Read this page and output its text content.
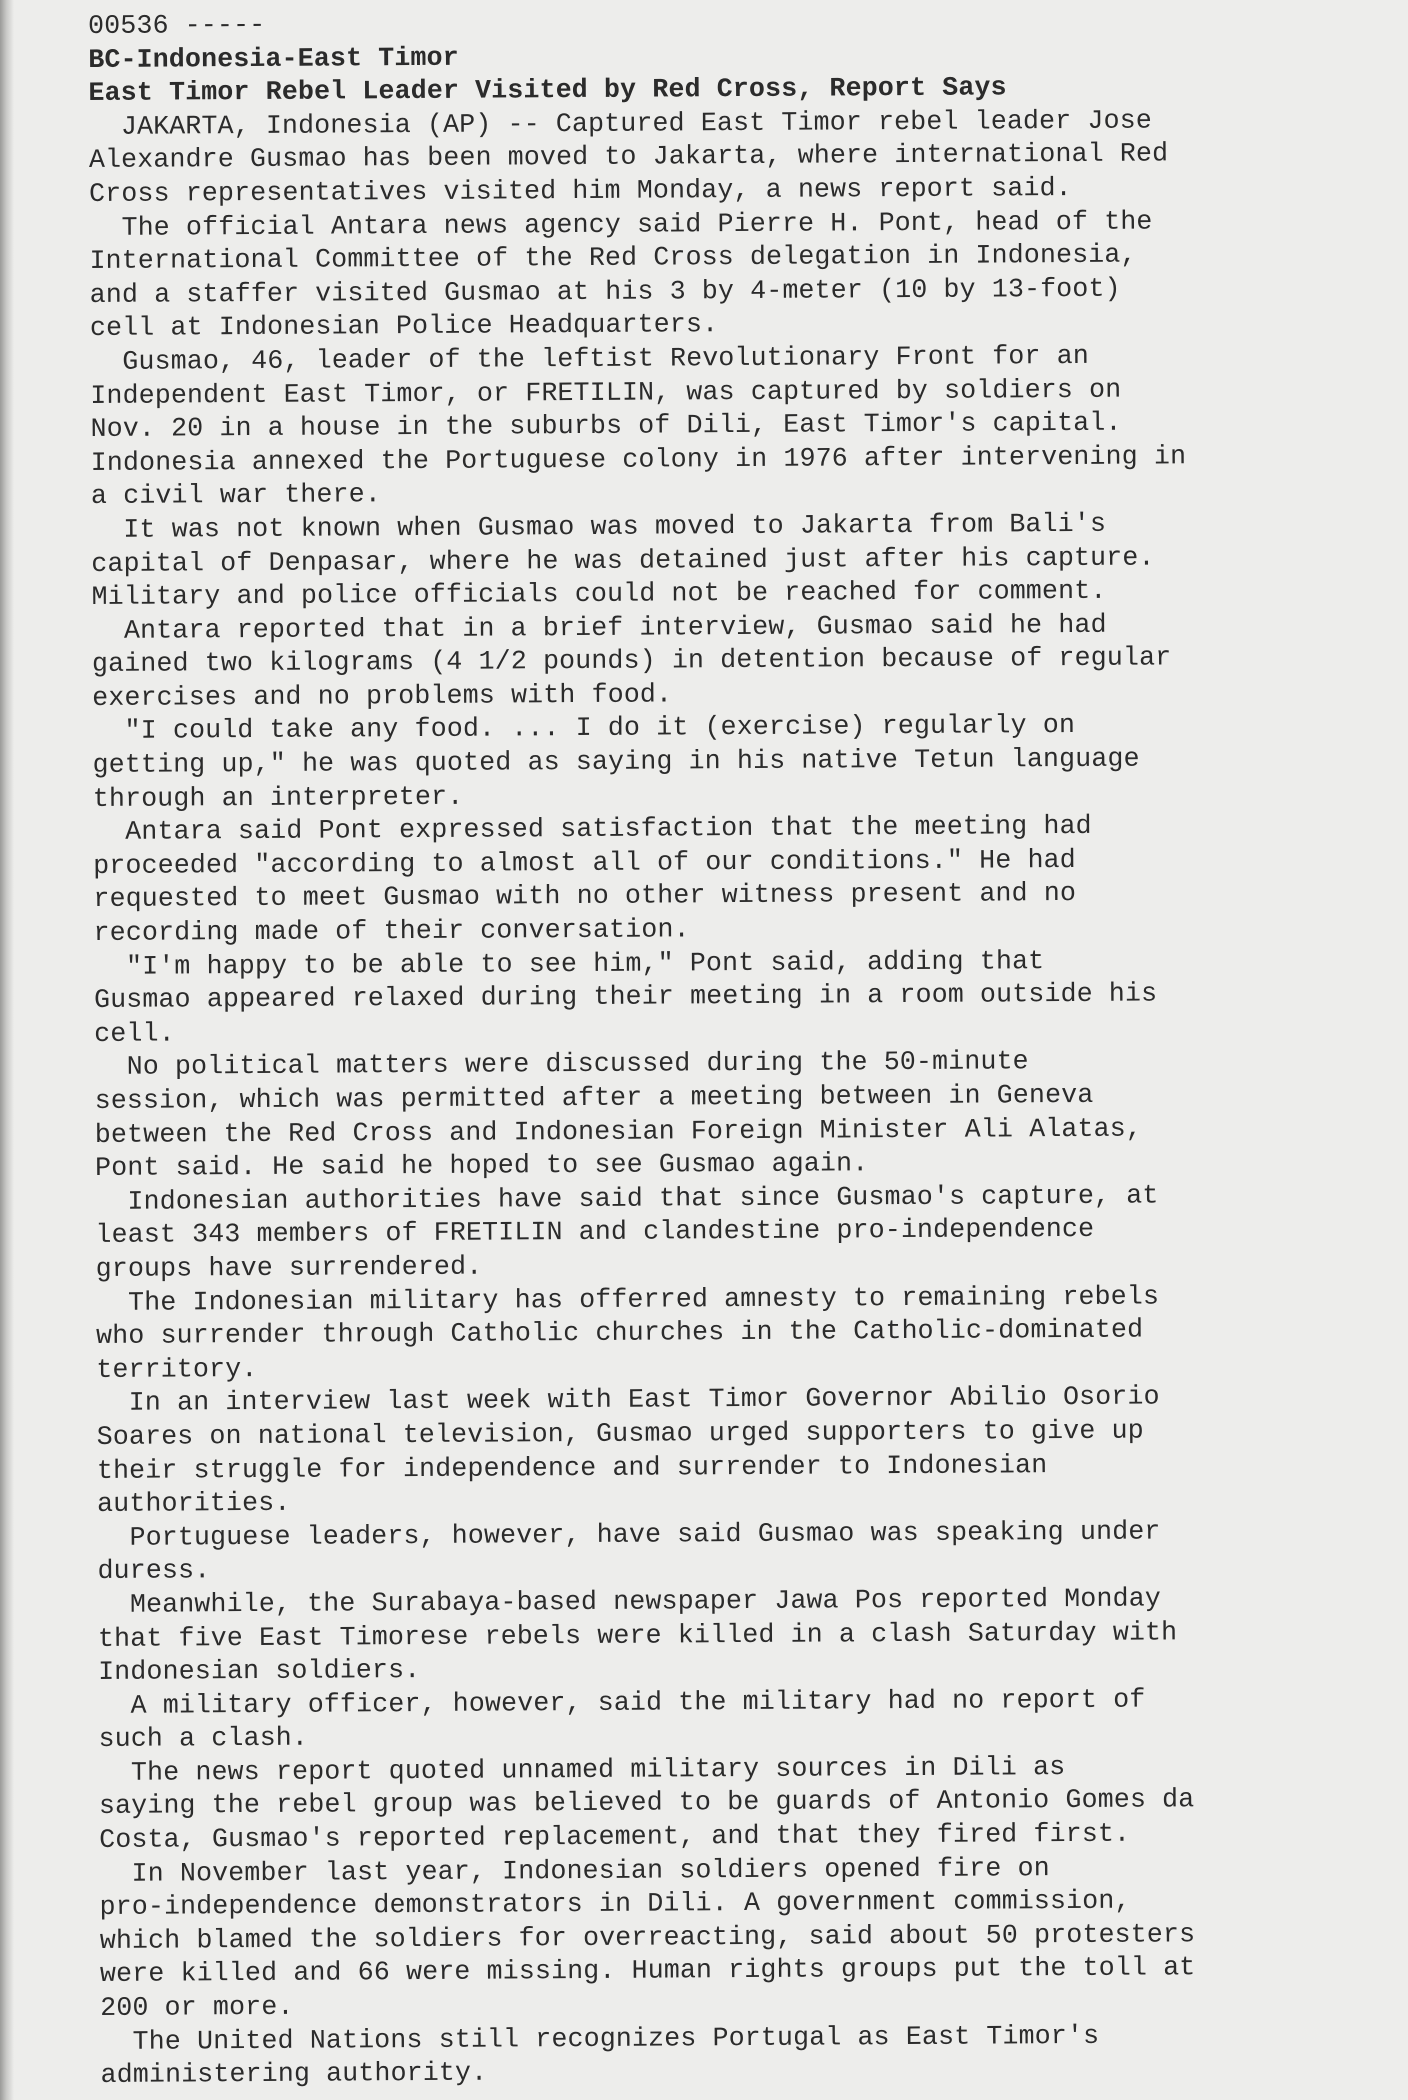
00536 -----

BC-Indonesia-East Timor

East Timor Rebel Leader Visited by Red Cross, Report Says

JAKARTA, Indonesia (AP) -- Captured East Timor rebel leader Jose

Alexandre Gusmao has been moved to Jakarta, where international Red

Cross representatives visited him Monday, a news report said.

The official Antara news agency said Pierre H. Pont, head of the

International Committee of the Red Cross delegation in Indonesia,

and a staffer visited Gusmao at his 3 by 4-meter (10 by 13-foot)

cell at Indonesian Police Headquarters.

Gusmao, 46, leader of the leftist Revolutionary Front for an

Independent East Timor, or FRETILIN, was captured by soldiers on

Nov. 20 in a house in the suburbs of Dili, East Timor's capital.

Indonesia annexed the Portuguese colony in 1976 after intervening in

a civil war there.

It was not known when Gusmao was moved to Jakarta from Bali's

capital of Denpasar, where he was detained just after his capture.

Military and police officials could not be reached for comment.

Antara reported that in a brief interview, Gusmao said he had

gained two kilograms (4 1/2 pounds) in detention because of regular

exercises and no problems with food.

"I could take any food. ... I do it (exercise) regularly on

getting up," he was quoted as saying in his native Tetun language

through an interpreter.

Antara said Pont expressed satisfaction that the meeting had

proceeded "according to almost all of our conditions." He had

requested to meet Gusmao with no other witness present and no

recording made of their conversation.

"I'm happy to be able to see him," Pont said, adding that

Gusmao appeared relaxed during their meeting in a room outside his

cell.

No political matters were discussed during the 50-minute

session, which was permitted after a meeting between in Geneva

between the Red Cross and Indonesian Foreign Minister Ali Alatas,

Pont said. He said he hoped to see Gusmao again.

Indonesian authorities have said that since Gusmao's capture, at

least 343 members of FRETILIN and clandestine pro-independence

groups have surrendered.

The Indonesian military has offerred amnesty to remaining rebels

who surrender through Catholic churches in the Catholic-dominated

territory.

In an interview last week with East Timor Governor Abilio Osorio

Soares on national television, Gusmao urged supporters to give up

their struggle for independence and surrender to Indonesian

authorities.

Portuguese leaders, however, have said Gusmao was speaking under

duress.

Meanwhile, the Surabaya-based newspaper Jawa Pos reported Monday

that five East Timorese rebels were killed in a clash Saturday with

Indonesian soldiers.

A military officer, however, said the military had no report of

such a clash.

The news report quoted unnamed military sources in Dili as

saying the rebel group was believed to be guards of Antonio Gomes da

Costa, Gusmao's reported replacement, and that they fired first.

In November last year, Indonesian soldiers opened fire on

pro-independence demonstrators in Dili. A government commission,

which blamed the soldiers for overreacting, said about 50 protesters

were killed and 66 were missing. Human rights groups put the toll at

200 or more.

The United Nations still recognizes Portugal as East Timor's

administering authority.
